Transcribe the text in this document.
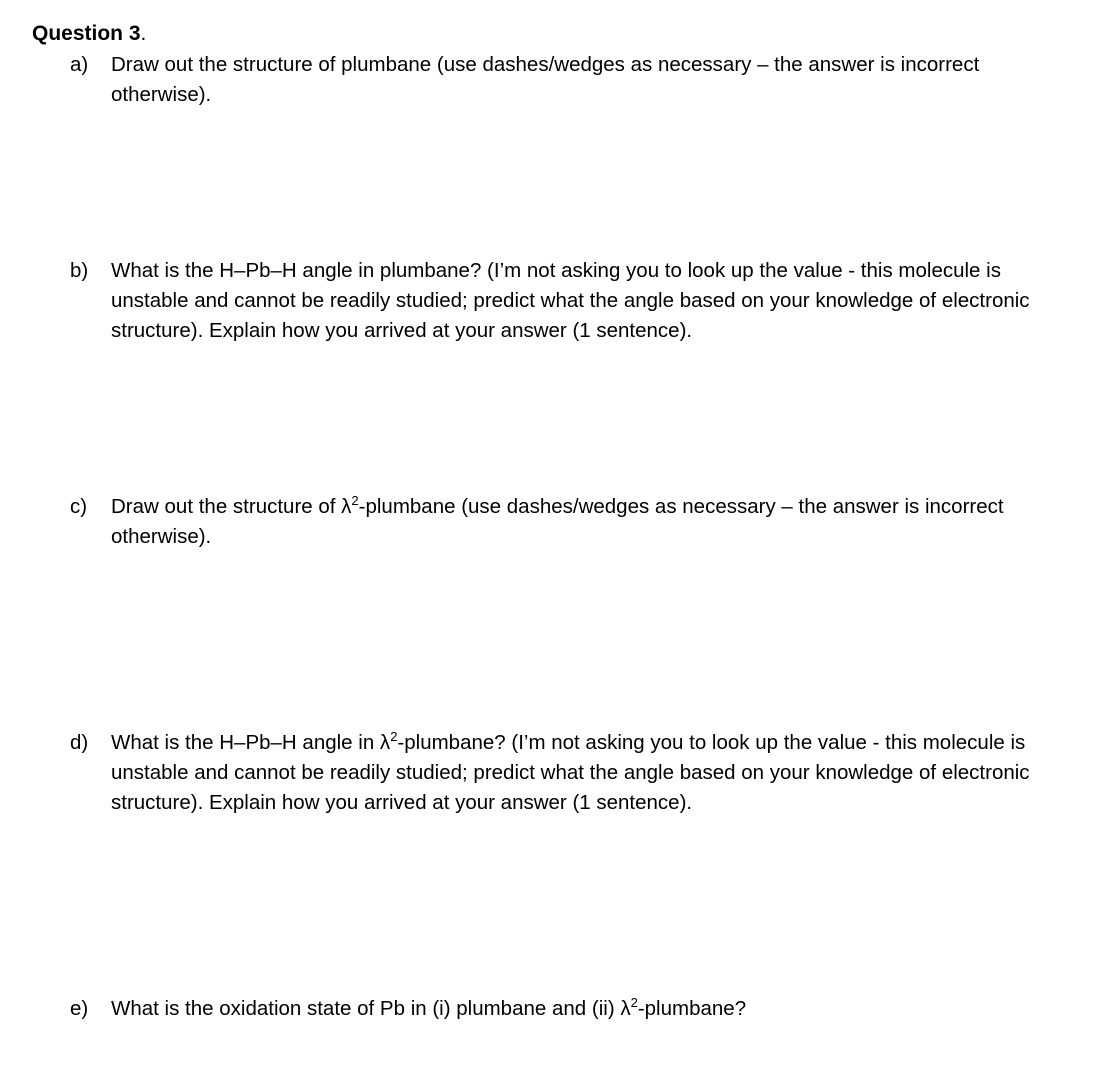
Question 3.
a) Draw out the structure of plumbane (use dashes/wedges as necessary – the answer is incorrect otherwise).
b) What is the H–Pb–H angle in plumbane? (I’m not asking you to look up the value - this molecule is unstable and cannot be readily studied; predict what the angle based on your knowledge of electronic structure). Explain how you arrived at your answer (1 sentence).
c) Draw out the structure of $\lambda^2$-plumbane (use dashes/wedges as necessary – the answer is incorrect otherwise).
d) What is the H–Pb–H angle in $\lambda^2$-plumbane? (I’m not asking you to look up the value - this molecule is unstable and cannot be readily studied; predict what the angle based on your knowledge of electronic structure). Explain how you arrived at your answer (1 sentence).
e) What is the oxidation state of Pb in (i) plumbane and (ii) $\lambda^2$-plumbane?
